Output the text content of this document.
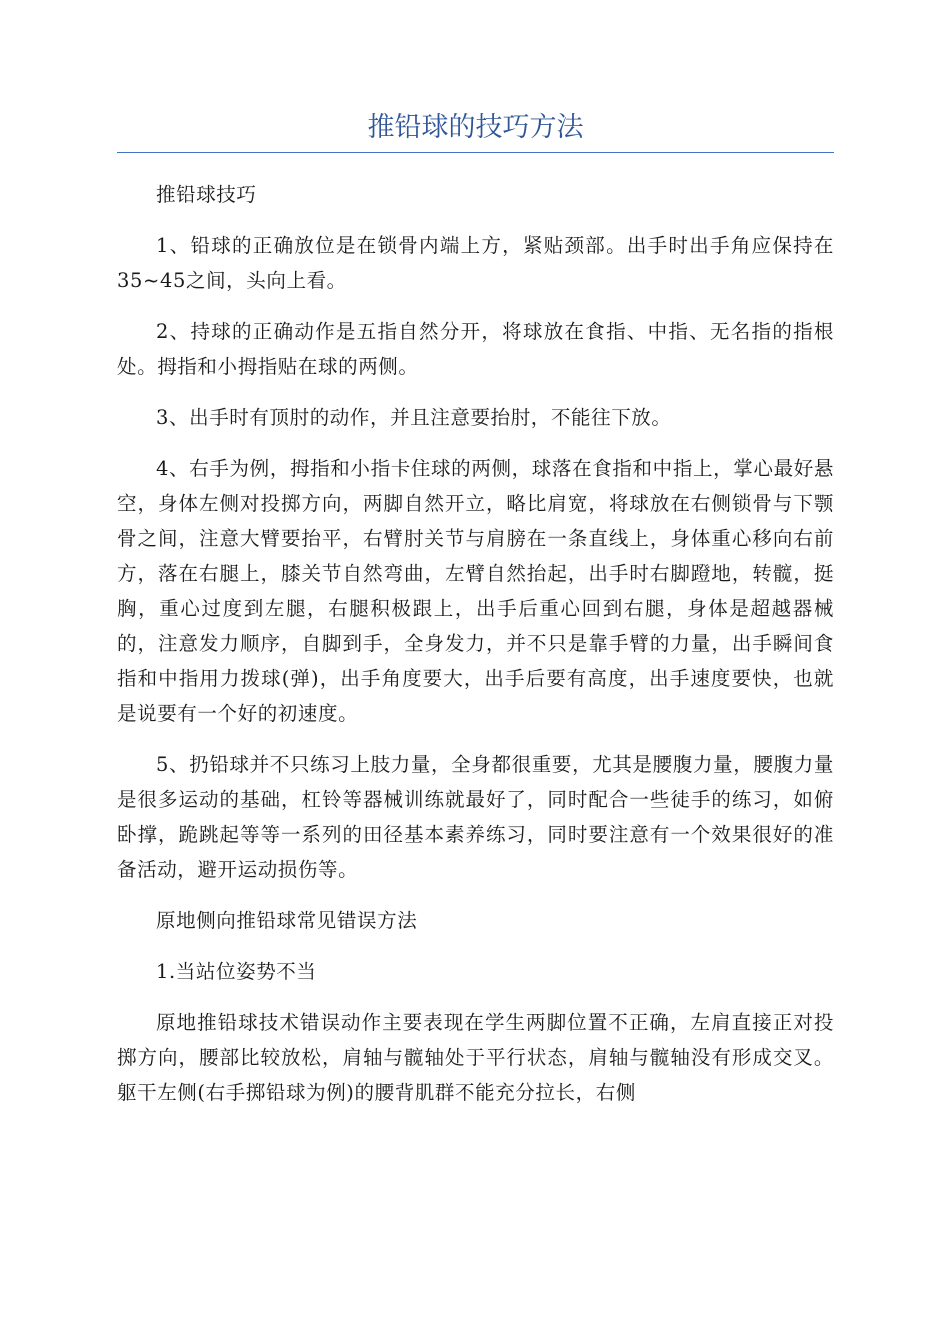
推铅球的技巧方法

推铅球技巧

1、铅球的正确放位是在锁骨内端上方，紧贴颈部。出手时出手角应保持在35~45之间，头向上看。

2、持球的正确动作是五指自然分开，将球放在食指、中指、无名指的指根处。拇指和小拇指贴在球的两侧。

3、出手时有顶肘的动作，并且注意要抬肘，不能往下放。

4、右手为例，拇指和小指卡住球的两侧，球落在食指和中指上，掌心最好悬空，身体左侧对投掷方向，两脚自然开立，略比肩宽，将球放在右侧锁骨与下颚骨之间，注意大臂要抬平，右臂肘关节与肩膀在一条直线上，身体重心移向右前方，落在右腿上，膝关节自然弯曲，左臂自然抬起，出手时右脚蹬地，转髋，挺胸，重心过度到左腿，右腿积极跟上，出手后重心回到右腿，身体是超越器械的，注意发力顺序，自脚到手，全身发力，并不只是靠手臂的力量，出手瞬间食指和中指用力拨球(弹)，出手角度要大，出手后要有高度，出手速度要快，也就是说要有一个好的初速度。

5、扔铅球并不只练习上肢力量，全身都很重要，尤其是腰腹力量，腰腹力量是很多运动的基础，杠铃等器械训练就最好了，同时配合一些徒手的练习，如俯卧撑，跪跳起等等一系列的田径基本素养练习，同时要注意有一个效果很好的准备活动，避开运动损伤等。

原地侧向推铅球常见错误方法

1.当站位姿势不当

原地推铅球技术错误动作主要表现在学生两脚位置不正确，左肩直接正对投掷方向，腰部比较放松，肩轴与髋轴处于平行状态，肩轴与髋轴没有形成交叉。躯干左侧(右手掷铅球为例)的腰背肌群不能充分拉长，右侧
